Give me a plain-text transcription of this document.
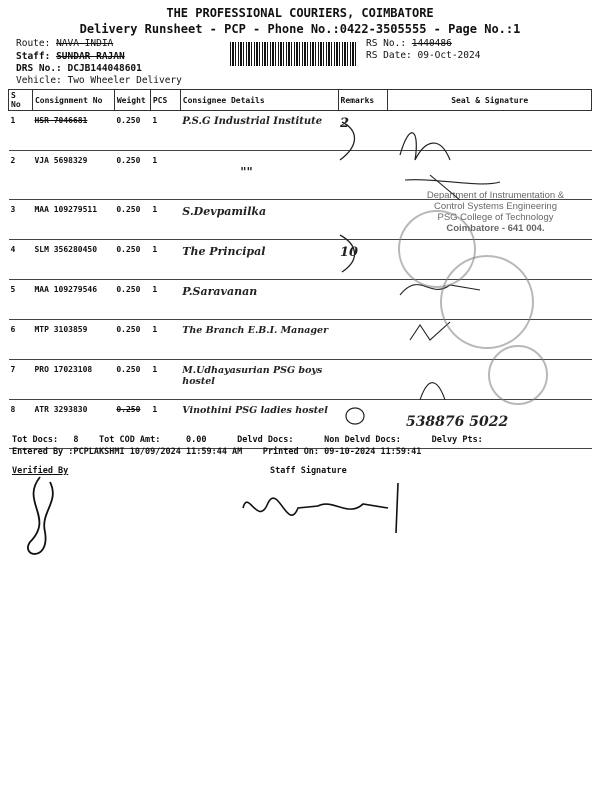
THE PROFESSIONAL COURIERS, COIMBATORE
Delivery Runsheet - PCP - Phone No.:0422-3505555 - Page No.:1
Route: NAVA INDIA
Staff: SUNDAR RAJAN
RS No.: 1440486
RS Date: 09-Oct-2024
DRS No.: DCJB144048601
Vehicle: Two Wheeler Delivery
S No	Consignment No	Weight	PCS	Consignee Details	Remarks	Seal & Signature
1	HSR 7046681	0.250	1	P.S.G Industrial Institute	2	
2	VJA 5698329	0.250	1	""		
3	MAA 109279511	0.250	1	S.Devpamilka		
4	SLM 356280450	0.250	1	The Principal	10	
5	MAA 109279546	0.250	1	P.Saravanan		
6	MTP 3103859	0.250	1	The Branch E.B.I. Manager		
7	PRO 17023108	0.250	1	M.Udhayasurian PSG boys hostel		
8	ATR 3293830	0.250	1	Vinothini PSG ladies hostel		538876 5022
Department of Instrumentation &
Control Systems Engineering
PSG College of Technology
Coimbatore - 641 004.
Tot Docs:   8    Tot COD Amt:     0.00      Delvd Docs:      Non Delvd Docs:      Delvy Pts:
Entered By :PCPLAKSHMI 10/09/2024 11:59:44 AM    Printed On: 09-10-2024 11:59:41
Verified By	Staff Signature
